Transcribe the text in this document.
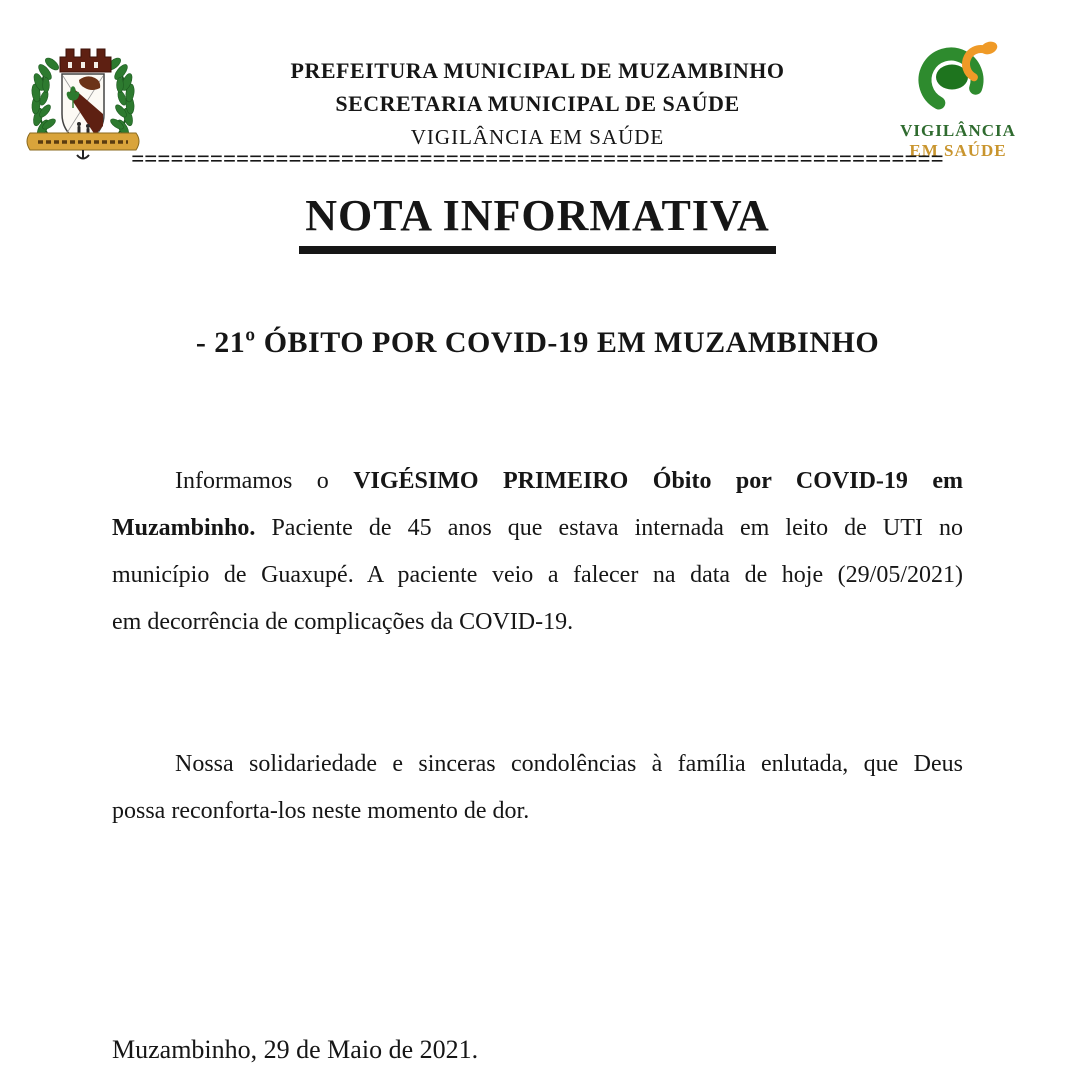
PREFEITURA MUNICIPAL DE MUZAMBINHO
SECRETARIA MUNICIPAL DE SAÚDE
VIGILÂNCIA EM SAÚDE	VIGILÂNCIA
EM SAÚDE
==============================================================
NOTA INFORMATIVA
- 21º ÓBITO POR COVID-19 EM MUZAMBINHO
Informamos o VIGÉSIMO PRIMEIRO Óbito por COVID-19 em
Muzambinho. Paciente de 45 anos que estava internada em leito de UTI no
município de Guaxupé. A paciente veio a falecer na data de hoje (29/05/2021)
em decorrência de complicações da COVID-19.
Nossa solidariedade e sinceras condolências à família enlutada, que Deus
possa reconforta-los neste momento de dor.
Muzambinho, 29 de Maio de 2021.
